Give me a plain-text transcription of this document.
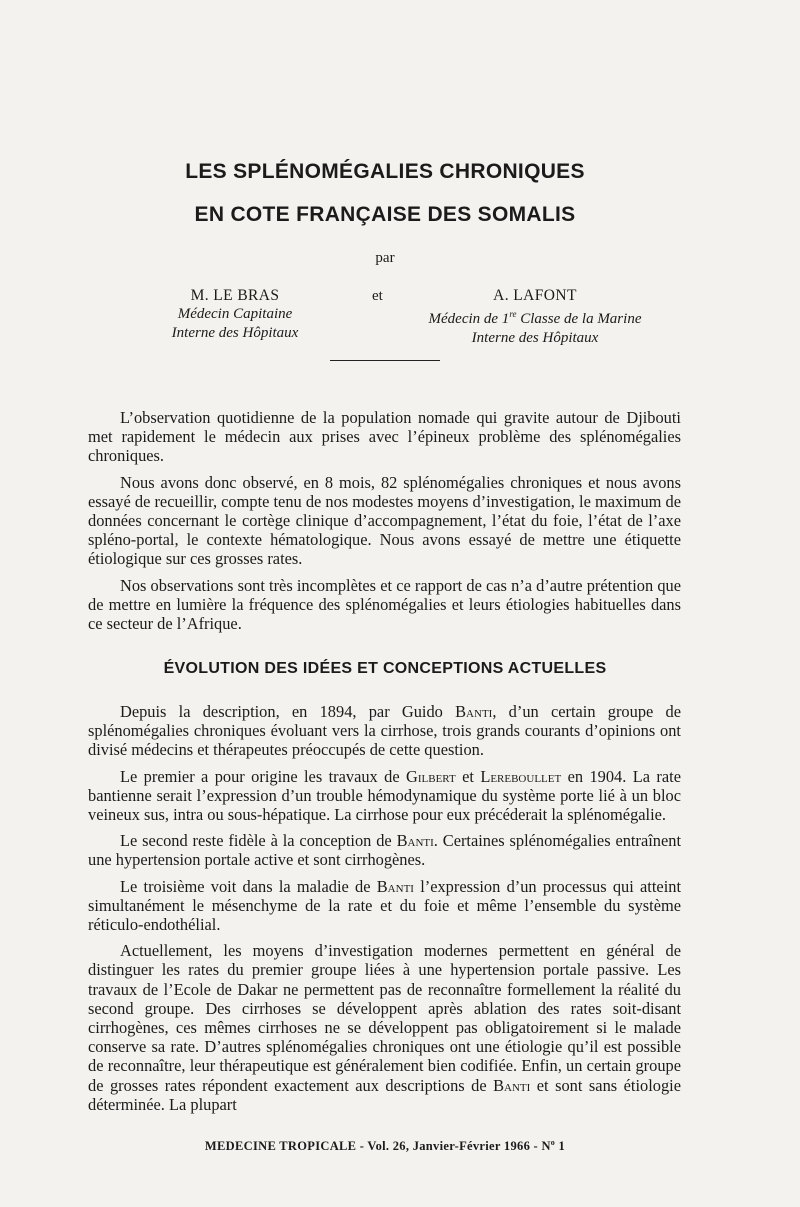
LES SPLÉNOMÉGALIES CHRONIQUES
EN COTE FRANÇAISE DES SOMALIS
par
M. LE BRAS
Médecin Capitaine
Interne des Hôpitaux
et	A. LAFONT
Médecin de 1re Classe de la Marine
Interne des Hôpitaux

L’observation quotidienne de la population nomade qui gravite autour de Djibouti met rapidement le médecin aux prises avec l’épineux problème des splénomégalies chroniques.

Nous avons donc observé, en 8 mois, 82 splénomégalies chroniques et nous avons essayé de recueillir, compte tenu de nos modestes moyens d’investigation, le maximum de données concernant le cortège clinique d’accompagnement, l’état du foie, l’état de l’axe spléno-portal, le contexte hématologique. Nous avons essayé de mettre une étiquette étiologique sur ces grosses rates.

Nos observations sont très incomplètes et ce rapport de cas n’a d’autre prétention que de mettre en lumière la fréquence des splénomégalies et leurs étiologies habituelles dans ce secteur de l’Afrique.

ÉVOLUTION DES IDÉES ET CONCEPTIONS ACTUELLES

Depuis la description, en 1894, par Guido Banti, d’un certain groupe de splénomégalies chroniques évoluant vers la cirrhose, trois grands courants d’opinions ont divisé médecins et thérapeutes préoccupés de cette question.

Le premier a pour origine les travaux de Gilbert et Lereboullet en 1904. La rate bantienne serait l’expression d’un trouble hémodynamique du système porte lié à un bloc veineux sus, intra ou sous-hépatique. La cirrhose pour eux précéderait la splénomégalie.

Le second reste fidèle à la conception de Banti. Certaines splénomégalies entraînent une hypertension portale active et sont cirrhogènes.

Le troisième voit dans la maladie de Banti l’expression d’un processus qui atteint simultanément le mésenchyme de la rate et du foie et même l’ensemble du système réticulo-endothélial.

Actuellement, les moyens d’investigation modernes permettent en général de distinguer les rates du premier groupe liées à une hypertension portale passive. Les travaux de l’Ecole de Dakar ne permettent pas de reconnaître formellement la réalité du second groupe. Des cirrhoses se développent après ablation des rates soit-disant cirrhogènes, ces mêmes cirrhoses ne se développent pas obligatoirement si le malade conserve sa rate. D’autres splénomégalies chroniques ont une étiologie qu’il est possible de reconnaître, leur thérapeutique est généralement bien codifiée. Enfin, un certain groupe de grosses rates répondent exactement aux descriptions de Banti et sont sans étiologie déterminée. La plupart

MEDECINE TROPICALE - Vol. 26, Janvier-Février $1966 - N^o$ 1
